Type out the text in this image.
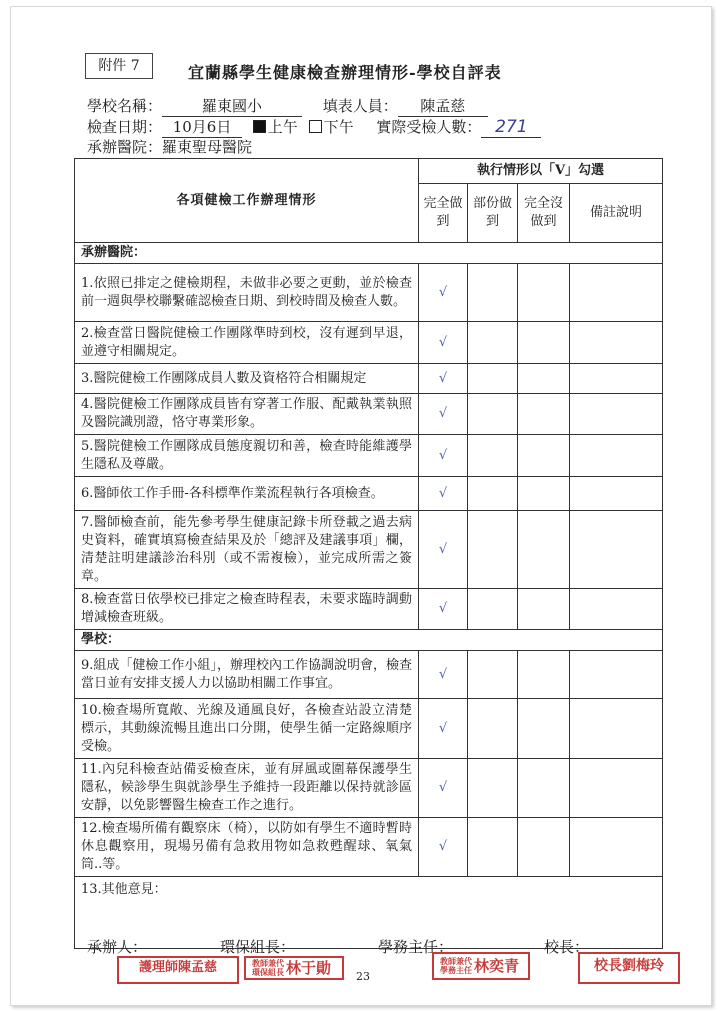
附件 7	宜蘭縣學生健康檢查辦理情形-學校自評表
學校名稱：	羅東國小	填表人員： 陳孟慈
檢查日期： 10月6日 上午 下午 實際受檢人數： 271
承辦醫院：羅東聖母醫院
各項健檢工作辦理情形	執行情形以「V」勾選			
	完全做到	部份做到	完全沒做到	備註說明
承辦醫院：				
1.依照已排定之健檢期程，未做非必要之更動，並於檢查前一週與學校聯繫確認檢查日期、到校時間及檢查人數。	√			
2.檢查當日醫院健檢工作團隊準時到校，沒有遲到早退，並遵守相關規定。	√			
3.醫院健檢工作團隊成員人數及資格符合相關規定	√			
4.醫院健檢工作團隊成員皆有穿著工作服、配戴執業執照及醫院識別證，恪守專業形象。	√			
5.醫院健檢工作團隊成員態度親切和善，檢查時能維護學生隱私及尊嚴。	√			
6.醫師依工作手冊-各科標準作業流程執行各項檢查。	√			
7.醫師檢查前，能先參考學生健康記錄卡所登載之過去病史資料，確實填寫檢查結果及於「總評及建議事項」欄，清楚註明建議診治科別（或不需複檢），並完成所需之簽章。	√			
8.檢查當日依學校已排定之檢查時程表，未要求臨時調動增減檢查班級。	√			
學校：				
9.組成「健檢工作小組」，辦理校內工作協調說明會，檢查當日並有安排支援人力以協助相關工作事宜。	√			
10.檢查場所寬敞、光線及通風良好，各檢查站設立清楚標示，其動線流暢且進出口分開，使學生循一定路線順序受檢。	√			
11.內兒科檢查站備妥檢查床，並有屏風或圍幕保護學生隱私，候診學生與就診學生予維持一段距離以保持就診區安靜，以免影響醫生檢查工作之進行。	√			
12.檢查場所備有觀察床（椅），以防如有學生不適時暫時休息觀察用，現場另備有急救用物如急救甦醒球、氧氣筒..等。	√			
13.其他意見：				
承辦人：	環保組長：	學務主任：	校長：
護理師陳孟慈	教師兼代 環保組長 林于勛	教師兼代 學務主任 林奕青	校長劉梅玲
23
